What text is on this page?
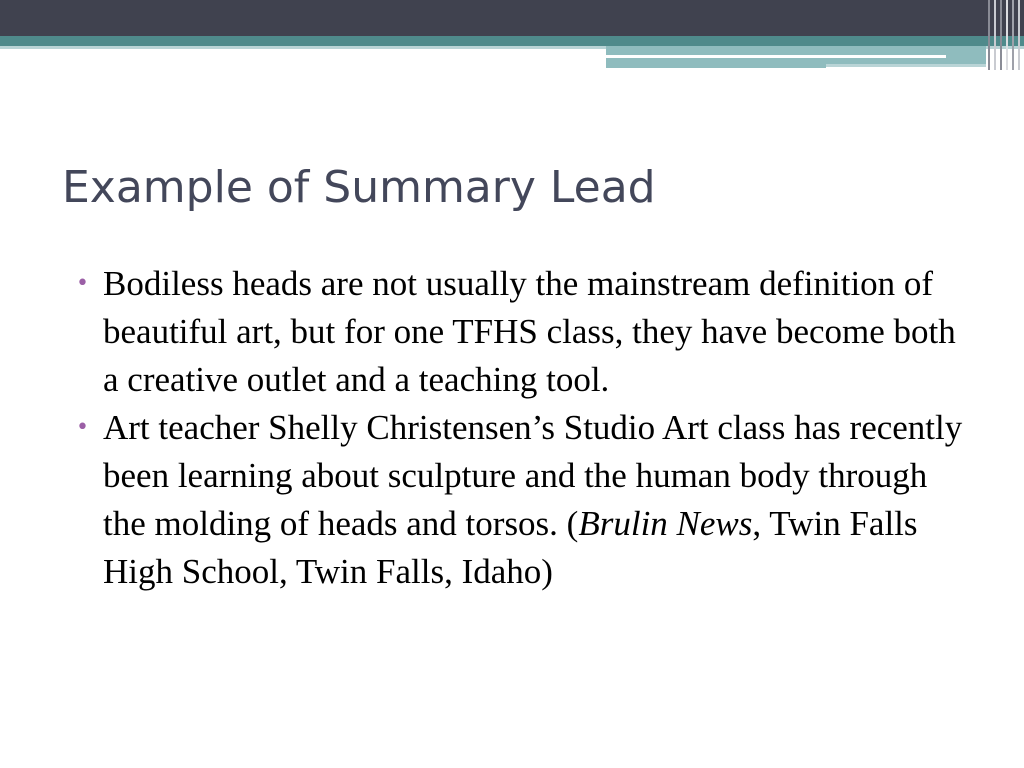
Example of Summary Lead
• Bodiless heads are not usually the mainstream definition of beautiful art, but for one TFHS class, they have become both a creative outlet and a teaching tool.
• Art teacher Shelly Christensen’s Studio Art class has recently been learning about sculpture and the human body through the molding of heads and torsos. (Brulin News, Twin Falls High School, Twin Falls, Idaho)
